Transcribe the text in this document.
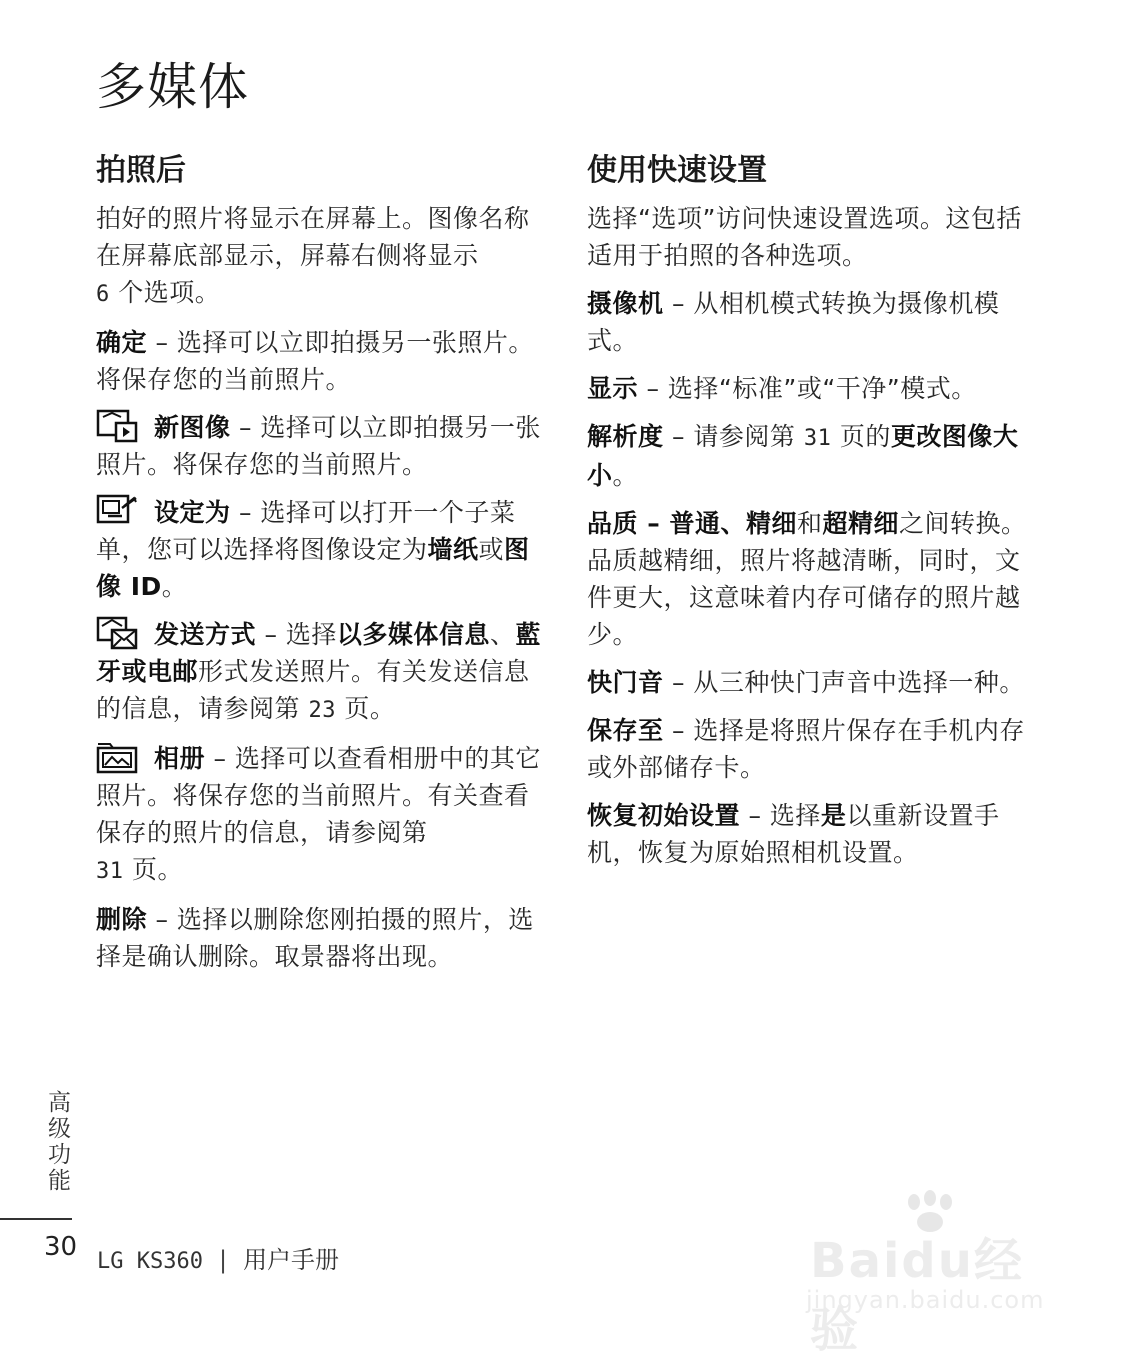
多媒体
拍照后

拍好的照片将显示在屏幕上。图像名称在屏幕底部显示，屏幕右侧将显示
6 个选项。

确定 – 选择可以立即拍摄另一张照片。将保存您的当前照片。

新图像 – 选择可以立即拍摄另一张照片。将保存您的当前照片。

设定为 – 选择可以打开一个子菜单，您可以选择将图像设定为墙纸或图像 ID。

发送方式 – 选择以多媒体信息、藍牙或电邮形式发送照片。有关发送信息的信息，请参阅第 23 页。

相册 – 选择可以查看相册中的其它照片。将保存您的当前照片。有关查看保存的照片的信息，请参阅第
31 页。

删除 – 选择以删除您刚拍摄的照片，选择是确认删除。取景器将出现。

使用快速设置

选择“选项”访问快速设置选项。这包括适用于拍照的各种选项。

摄像机 – 从相机模式转换为摄像机模式。

显示 – 选择“标准”或“干净”模式。

解析度 – 请参阅第 31 页的更改图像大小。

品质 – 普通、精细和超精细之间转换。品质越精细，照片将越清晰，同时，文件更大，这意味着内存可储存的照片越少。

快门音 – 从三种快门声音中选择一种。

保存至 – 选择是将照片保存在手机内存或外部储存卡。

恢复初始设置 – 选择是以重新设置手机，恢复为原始照相机设置。

高级功能
30 LG KS360 | 用户手册	Baidu经验
jingyan.baidu.com
